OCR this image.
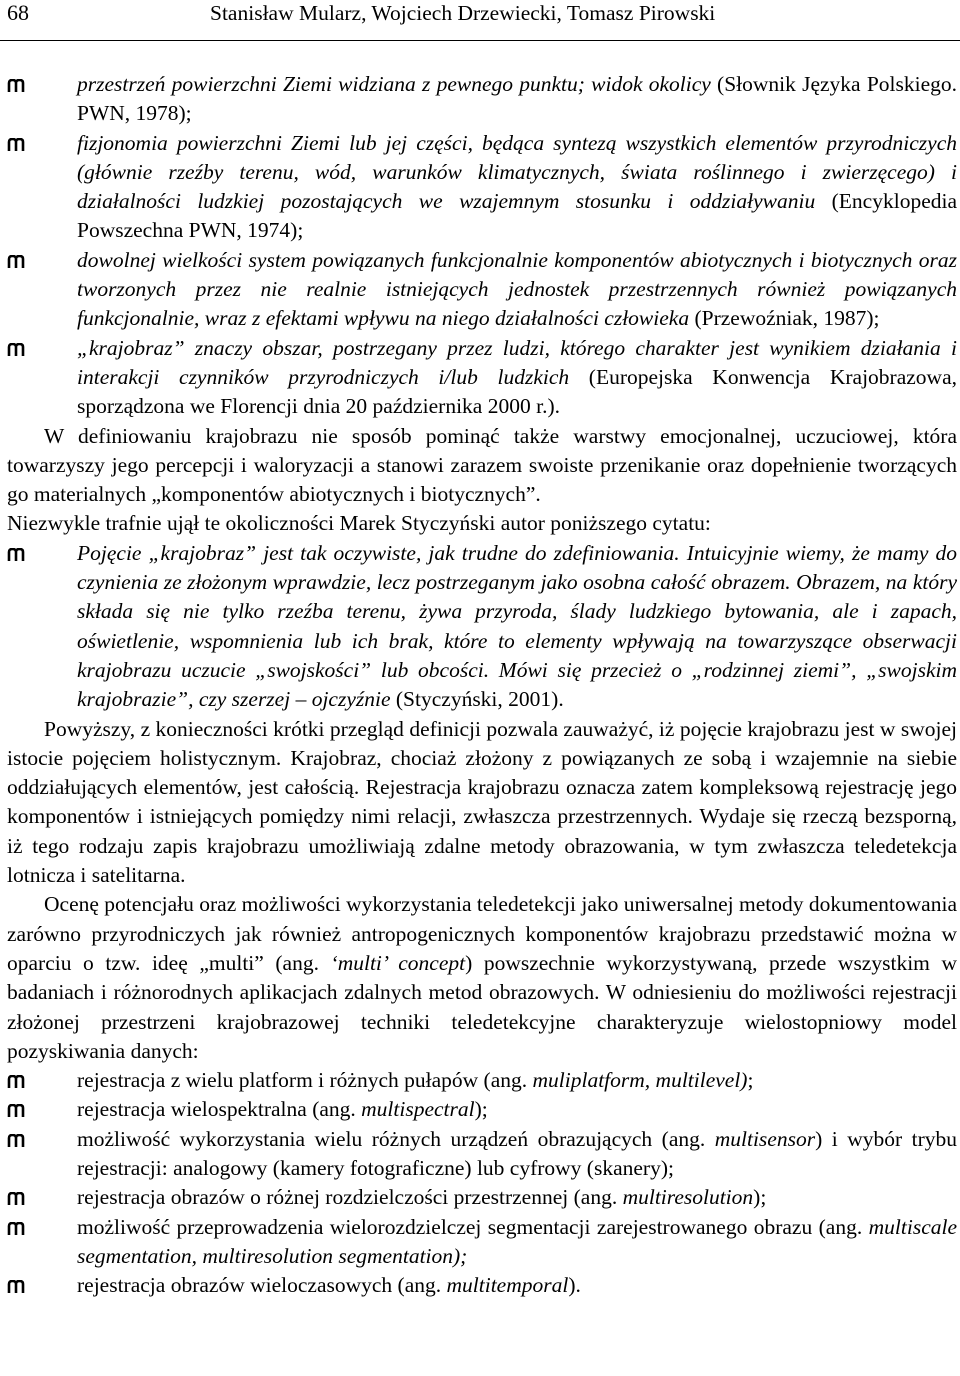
68	Stanisław Mularz, Wojciech Drzewiecki, Tomasz Pirowski
przestrzeń powierzchni Ziemi widziana z pewnego punktu; widok okolicy (Słownik Języka Polskiego. PWN, 1978);
fizjonomia powierzchni Ziemi lub jej części, będąca syntezą wszystkich elementów przyrodniczych (głównie rzeźby terenu, wód, warunków klimatycznych, świata roślinnego i zwierzęcego) i działalności ludzkiej pozostających we wzajemnym stosunku i oddziaływaniu (Encyklopedia Powszechna PWN, 1974);
dowolnej wielkości system powiązanych funkcjonalnie komponentów abiotycznych i biotycznych oraz tworzonych przez nie realnie istniejących jednostek przestrzennych również powiązanych funkcjonalnie, wraz z efektami wpływu na niego działalności człowieka (Przewoźniak, 1987);
„krajobraz” znaczy obszar, postrzegany przez ludzi, którego charakter jest wynikiem działania i interakcji czynników przyrodniczych i/lub ludzkich (Europejska Konwencja Krajobrazowa, sporządzona we Florencji dnia 20 października 2000 r.).

W definiowaniu krajobrazu nie sposób pominąć także warstwy emocjonalnej, uczuciowej, która towarzyszy jego percepcji i waloryzacji a stanowi zarazem swoiste przenikanie oraz dopełnienie tworzących go materialnych „komponentów abiotycznych i biotycznych”.

Niezwykle trafnie ujął te okoliczności Marek Styczyński autor poniższego cytatu:

Pojęcie „krajobraz” jest tak oczywiste, jak trudne do zdefiniowania. Intuicyjnie wiemy, że mamy do czynienia ze złożonym wprawdzie, lecz postrzeganym jako osobna całość obrazem. Obrazem, na który składa się nie tylko rzeźba terenu, żywa przyroda, ślady ludzkiego bytowania, ale i zapach, oświetlenie, wspomnienia lub ich brak, które to elementy wpływają na towarzyszące obserwacji krajobrazu uczucie „swojskości” lub obcości. Mówi się przecież o „rodzinnej ziemi”, „swojskim krajobrazie”, czy szerzej – ojczyźnie (Styczyński, 2001).

Powyższy, z konieczności krótki przegląd definicji pozwala zauważyć, iż pojęcie krajobrazu jest w swojej istocie pojęciem holistycznym. Krajobraz, chociaż złożony z powiązanych ze sobą i wzajemnie na siebie oddziałujących elementów, jest całością. Rejestracja krajobrazu oznacza zatem kompleksową rejestrację jego komponentów i istniejących pomiędzy nimi relacji, zwłaszcza przestrzennych. Wydaje się rzeczą bezsporną, iż tego rodzaju zapis krajobrazu umożliwiają zdalne metody obrazowania, w tym zwłaszcza teledetekcja lotnicza i satelitarna.

Ocenę potencjału oraz możliwości wykorzystania teledetekcji jako uniwersalnej metody dokumentowania zarówno przyrodniczych jak również antropogenicznych komponentów krajobrazu przedstawić można w oparciu o tzw. ideę „multi” (ang. ‘multi’ concept) powszechnie wykorzystywaną, przede wszystkim w badaniach i różnorodnych aplikacjach zdalnych metod obrazowych. W odniesieniu do możliwości rejestracji złożonej przestrzeni krajobrazowej techniki teledetekcyjne charakteryzuje wielostopniowy model pozyskiwania danych:

rejestracja z wielu platform i różnych pułapów (ang. muliplatform, multilevel);
rejestracja wielospektralna (ang. multispectral);
możliwość wykorzystania wielu różnych urządzeń obrazujących (ang. multisensor) i wybór trybu rejestracji: analogowy (kamery fotograficzne) lub cyfrowy (skanery);
rejestracja obrazów o różnej rozdzielczości przestrzennej (ang. multiresolution);
możliwość przeprowadzenia wielorozdzielczej segmentacji zarejestrowanego obrazu (ang. multiscale segmentation, multiresolution segmentation);
rejestracja obrazów wieloczasowych (ang. multitemporal).
